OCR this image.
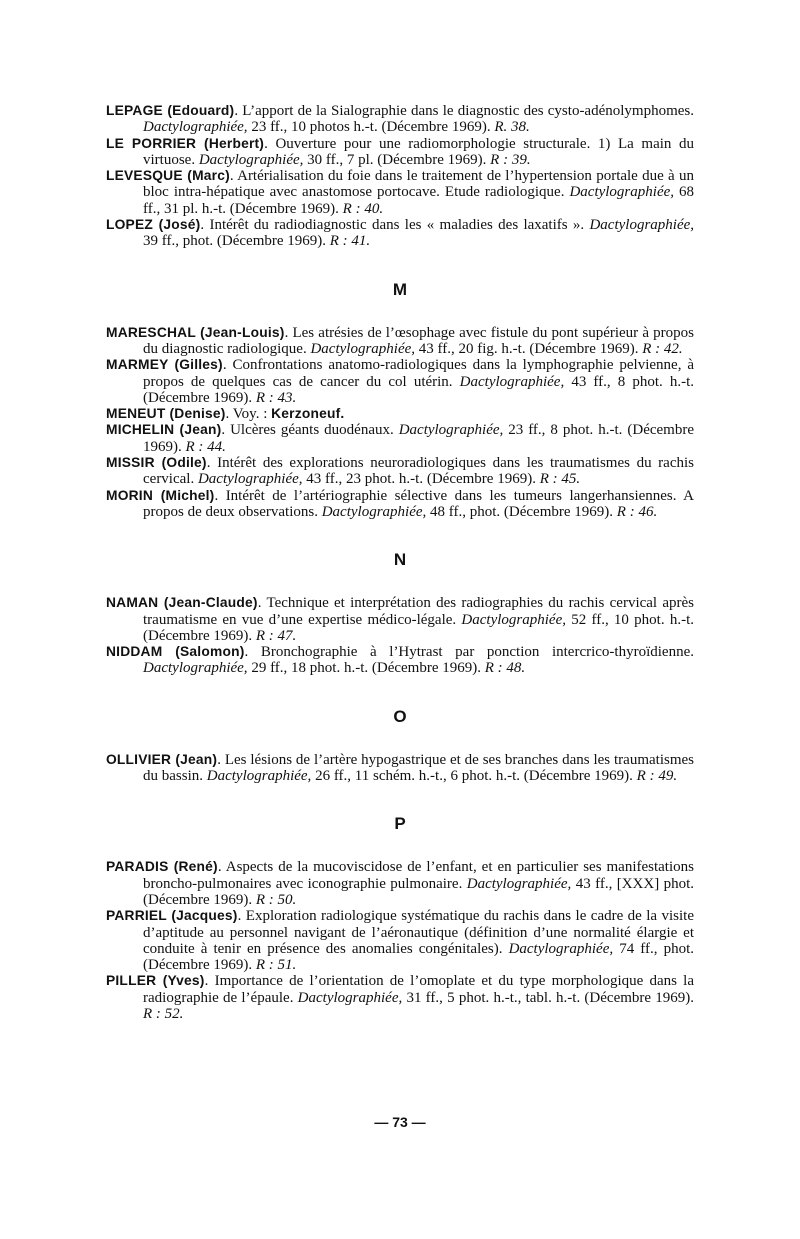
LEPAGE (Edouard). L’apport de la Sialographie dans le diagnostic des cysto-adénolymphomes. Dactylographiée, 23 ff., 10 photos h.-t. (Décembre 1969). R. 38.

LE PORRIER (Herbert). Ouverture pour une radiomorphologie structurale. 1) La main du virtuose. Dactylographiée, 30 ff., 7 pl. (Décembre 1969). R : 39.

LEVESQUE (Marc). Artérialisation du foie dans le traitement de l’hypertension portale due à un bloc intra-hépatique avec anastomose portocave. Etude radiologique. Dactylographiée, 68 ff., 31 pl. h.-t. (Décembre 1969). R : 40.

LOPEZ (José). Intérêt du radiodiagnostic dans les « maladies des laxatifs ». Dactylographiée, 39 ff., phot. (Décembre 1969). R : 41.

M

MARESCHAL (Jean-Louis). Les atrésies de l’œsophage avec fistule du pont supérieur à propos du diagnostic radiologique. Dactylographiée, 43 ff., 20 fig. h.-t. (Décembre 1969). R : 42.

MARMEY (Gilles). Confrontations anatomo-radiologiques dans la lymphographie pelvienne, à propos de quelques cas de cancer du col utérin. Dactylographiée, 43 ff., 8 phot. h.-t. (Décembre 1969). R : 43.

MENEUT (Denise). Voy. : Kerzoneuf.

MICHELIN (Jean). Ulcères géants duodénaux. Dactylographiée, 23 ff., 8 phot. h.-t. (Décembre 1969). R : 44.

MISSIR (Odile). Intérêt des explorations neuroradiologiques dans les traumatismes du rachis cervical. Dactylographiée, 43 ff., 23 phot. h.-t. (Décembre 1969). R : 45.

MORIN (Michel). Intérêt de l’artériographie sélective dans les tumeurs langerhansiennes. A propos de deux observations. Dactylographiée, 48 ff., phot. (Décembre 1969). R : 46.

N

NAMAN (Jean-Claude). Technique et interprétation des radiographies du rachis cervical après traumatisme en vue d’une expertise médico-légale. Dactylographiée, 52 ff., 10 phot. h.-t. (Décembre 1969). R : 47.

NIDDAM (Salomon). Bronchographie à l’Hytrast par ponction intercrico-thyroïdienne. Dactylographiée, 29 ff., 18 phot. h.-t. (Décembre 1969). R : 48.

O

OLLIVIER (Jean). Les lésions de l’artère hypogastrique et de ses branches dans les traumatismes du bassin. Dactylographiée, 26 ff., 11 schém. h.-t., 6 phot. h.-t. (Décembre 1969). R : 49.

P

PARADIS (René). Aspects de la mucoviscidose de l’enfant, et en particulier ses manifestations broncho-pulmonaires avec iconographie pulmonaire. Dactylographiée, 43 ff., [XXX] phot. (Décembre 1969). R : 50.

PARRIEL (Jacques). Exploration radiologique systématique du rachis dans le cadre de la visite d’aptitude au personnel navigant de l’aéronautique (définition d’une normalité élargie et conduite à tenir en présence des anomalies congénitales). Dactylographiée, 74 ff., phot. (Décembre 1969). R : 51.

PILLER (Yves). Importance de l’orientation de l’omoplate et du type morphologique dans la radiographie de l’épaule. Dactylographiée, 31 ff., 5 phot. h.-t., tabl. h.-t. (Décembre 1969). R : 52.

— 73 —
